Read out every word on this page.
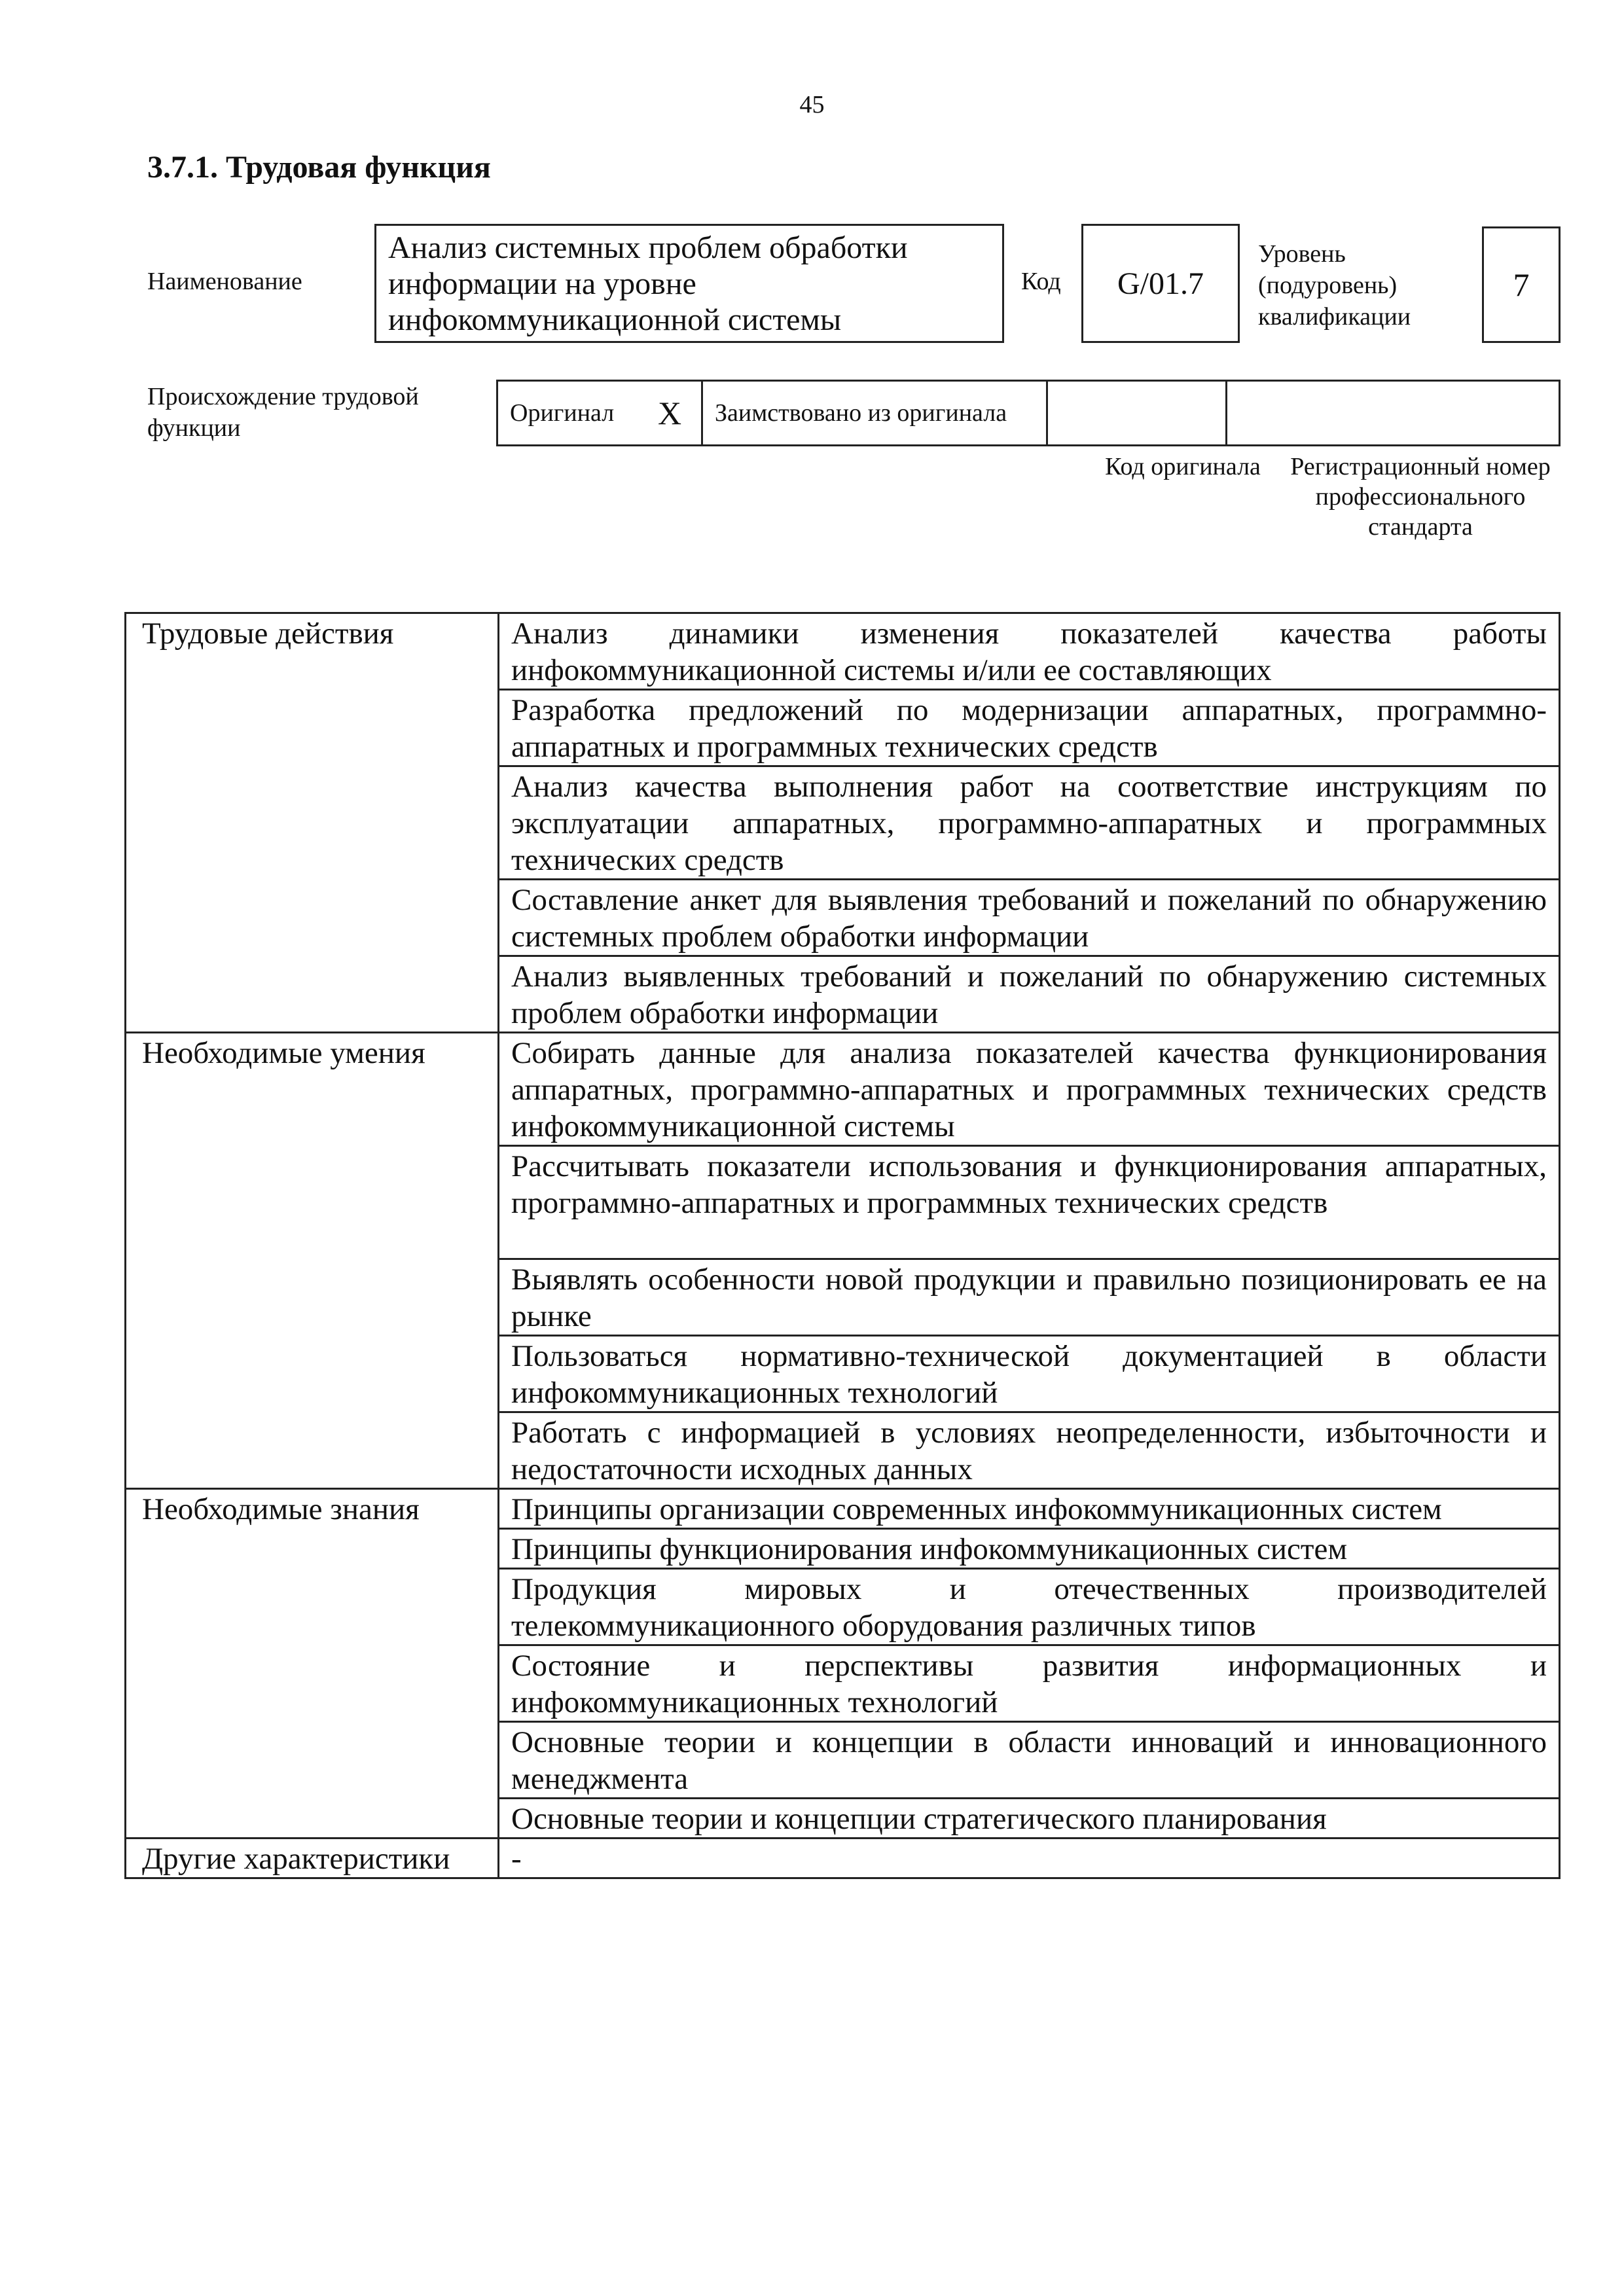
45
3.7.1. Трудовая функция
Наименование
Анализ системных проблем обработки информации на уровне инфокоммуникационной системы
Код G/01.7
Уровень (подуровень) квалификации
7
Происхождение трудовой функции
Оригинал	X	Заимствовано из оригинала		
Код оригинала	Регистрационный номер профессионального стандарта
Трудовые действия	Анализ динамики изменения показателей качества работы инфокоммуникационной системы и/или ее составляющих
	Разработка предложений по модернизации аппаратных, программно-аппаратных и программных технических средств
	Анализ качества выполнения работ на соответствие инструкциям по эксплуатации аппаратных, программно-аппаратных и программных технических средств
	Составление анкет для выявления требований и пожеланий по обнаружению системных проблем обработки информации
	Анализ выявленных требований и пожеланий по обнаружению системных проблем обработки информации
Необходимые умения	Собирать данные для анализа показателей качества функционирования аппаратных, программно-аппаратных и программных технических средств инфокоммуникационной системы
	Рассчитывать показатели использования и функционирования аппаратных, программно-аппаратных и программных технических средств
	Выявлять особенности новой продукции и правильно позиционировать ее на рынке
	Пользоваться нормативно-технической документацией в области инфокоммуникационных технологий
	Работать с информацией в условиях неопределенности, избыточности и недостаточности исходных данных
Необходимые знания	Принципы организации современных инфокоммуникационных систем
	Принципы функционирования инфокоммуникационных систем
	Продукция мировых и отечественных производителей телекоммуникационного оборудования различных типов
	Состояние и перспективы развития информационных и инфокоммуникационных технологий
	Основные теории и концепции в области инноваций и инновационного менеджмента
	Основные теории и концепции стратегического планирования
Другие характеристики	-
